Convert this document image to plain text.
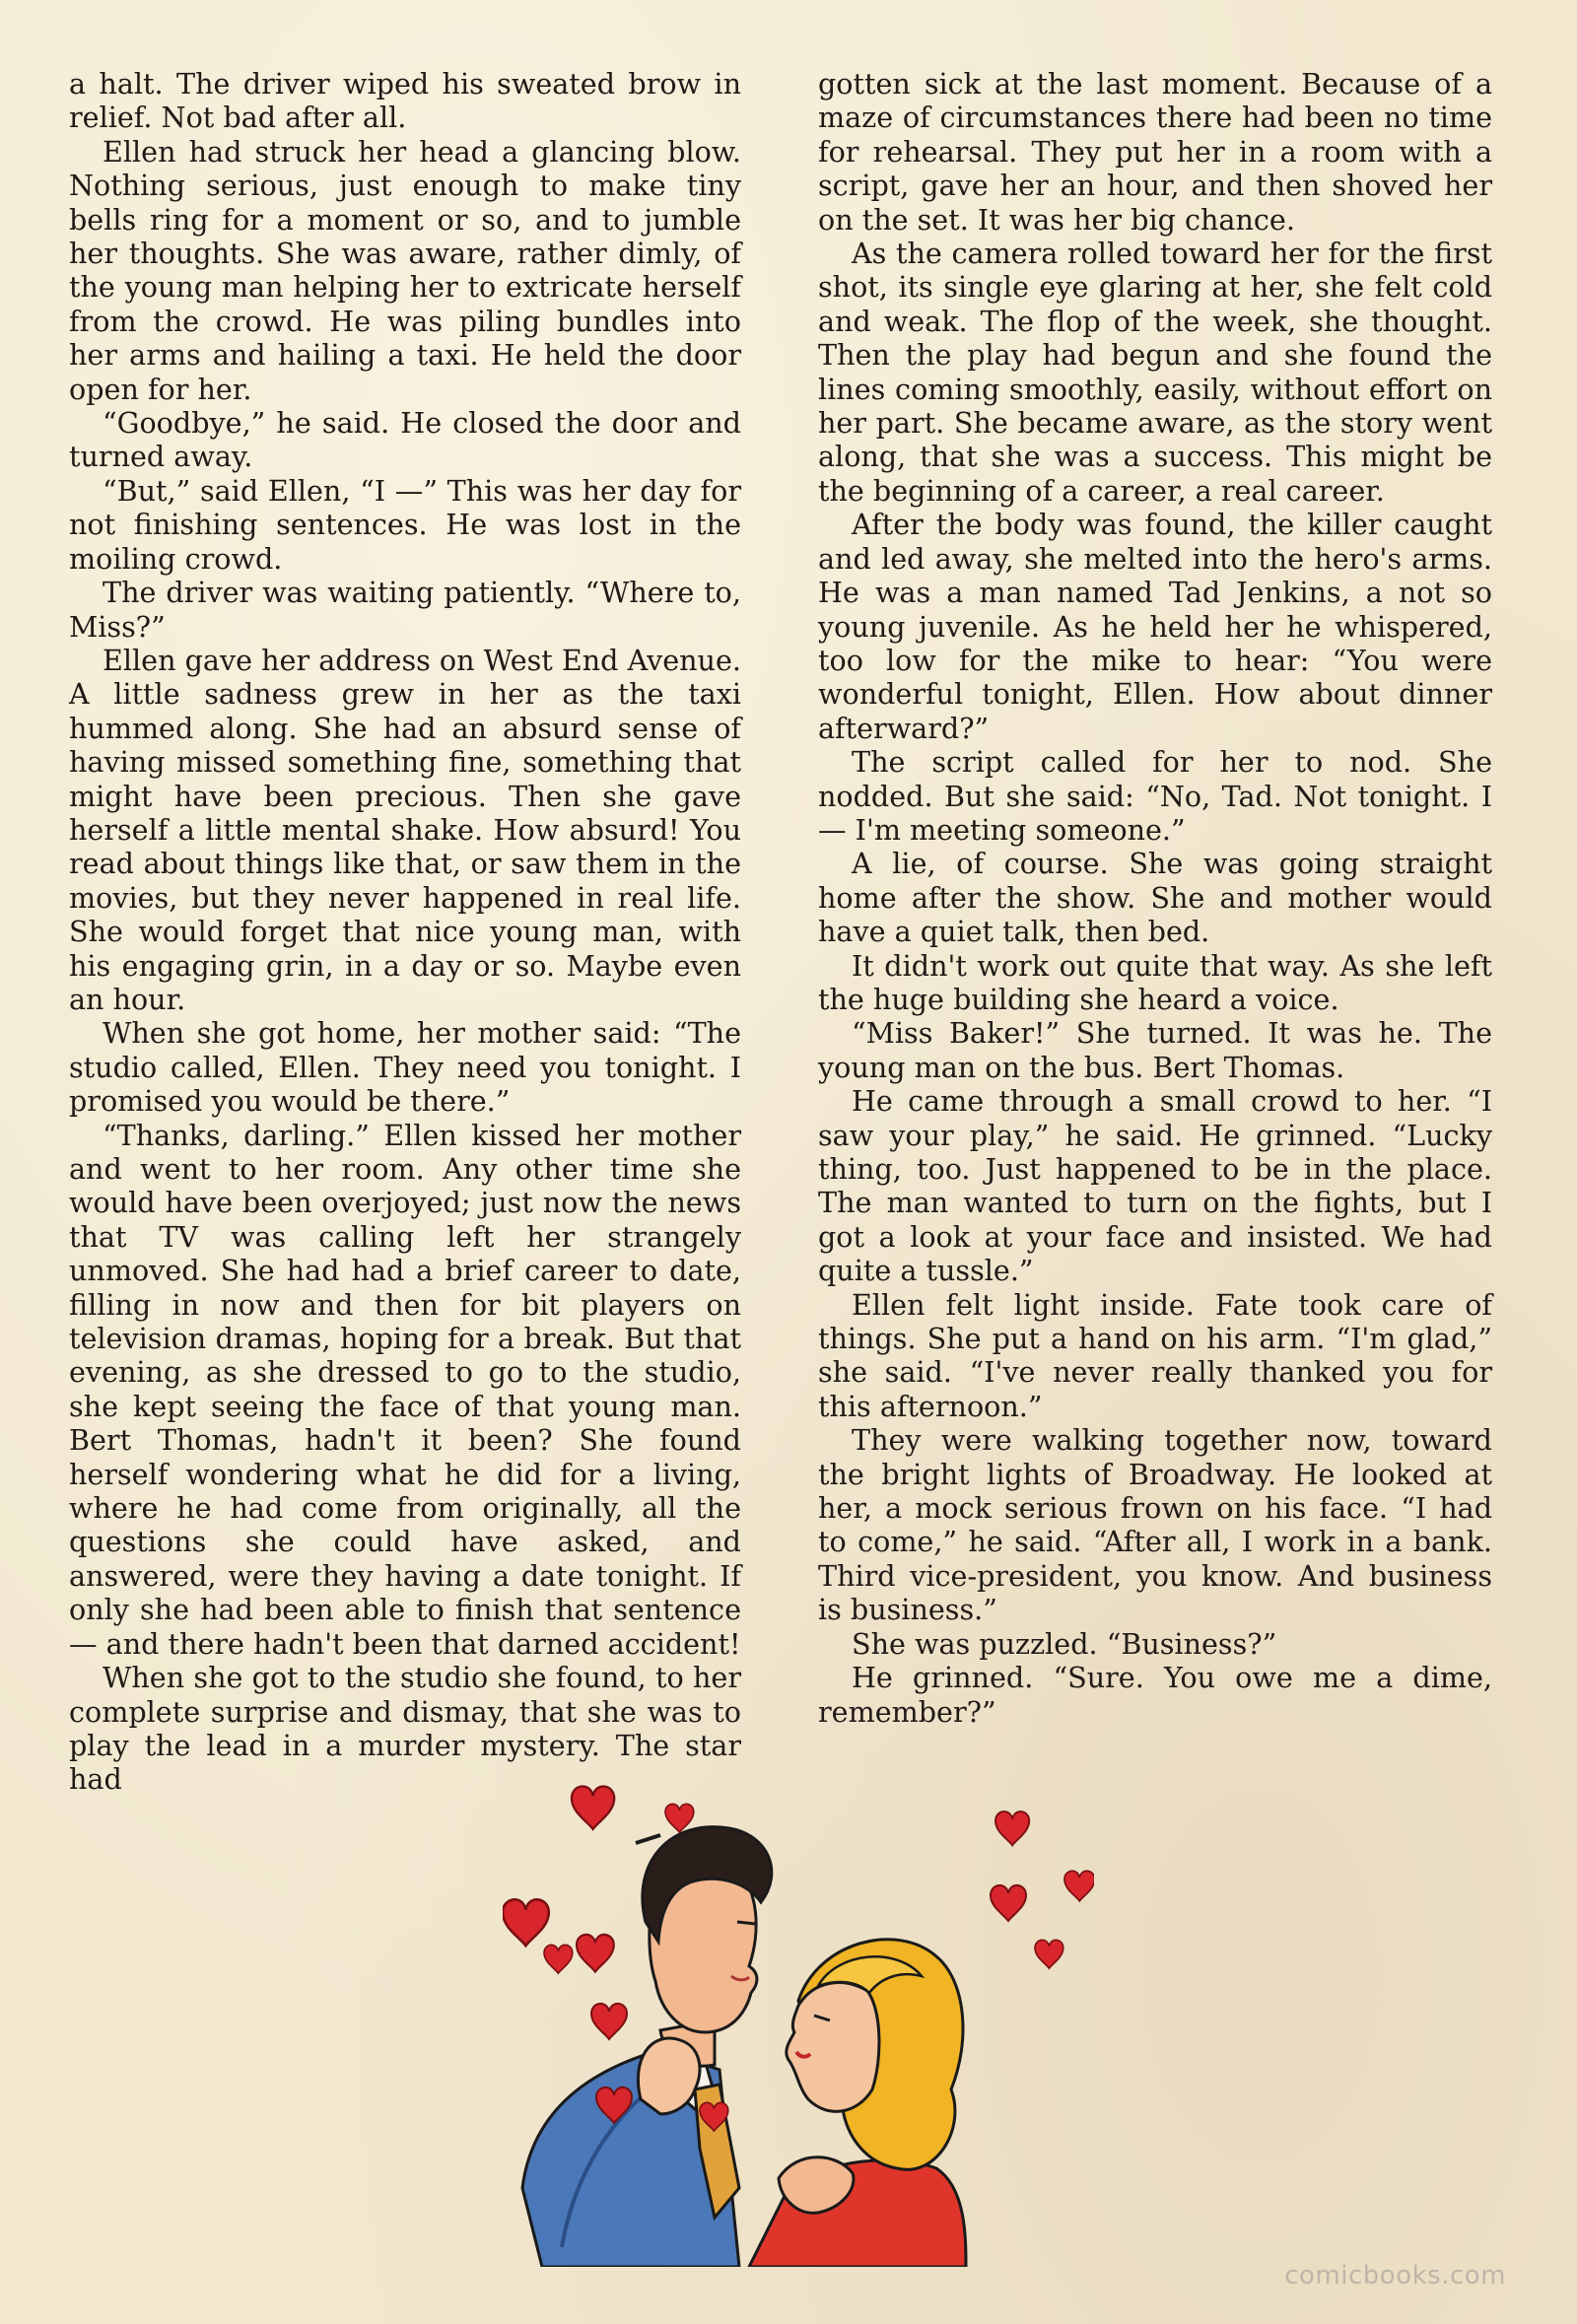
a halt. The driver wiped his sweated brow in relief. Not bad after all.

Ellen had struck her head a glancing blow. Nothing serious, just enough to make tiny bells ring for a moment or so, and to jumble her thoughts. She was aware, rather dimly, of the young man helping her to extricate herself from the crowd. He was piling bundles into her arms and hailing a taxi. He held the door open for her.

“Goodbye,” he said. He closed the door and turned away.

“But,” said Ellen, “I —” This was her day for not finishing sentences. He was lost in the moiling crowd.

The driver was waiting patiently. “Where to, Miss?”

Ellen gave her address on West End Avenue. A little sadness grew in her as the taxi hummed along. She had an absurd sense of having missed something fine, something that might have been precious. Then she gave herself a little mental shake. How absurd! You read about things like that, or saw them in the movies, but they never happened in real life. She would forget that nice young man, with his engaging grin, in a day or so. Maybe even an hour.

When she got home, her mother said: “The studio called, Ellen. They need you tonight. I promised you would be there.”

“Thanks, darling.” Ellen kissed her mother and went to her room. Any other time she would have been overjoyed; just now the news that TV was calling left her strangely unmoved. She had had a brief career to date, filling in now and then for bit players on television dramas, hoping for a break. But that evening, as she dressed to go to the studio, she kept seeing the face of that young man. Bert Thomas, hadn't it been? She found herself wondering what he did for a living, where he had come from originally, all the questions she could have asked, and answered, were they having a date tonight. If only she had been able to finish that sentence — and there hadn't been that darned accident!

When she got to the studio she found, to her complete surprise and dismay, that she was to play the lead in a murder mystery. The star had

gotten sick at the last moment. Because of a maze of circumstances there had been no time for rehearsal. They put her in a room with a script, gave her an hour, and then shoved her on the set. It was her big chance.

As the camera rolled toward her for the first shot, its single eye glaring at her, she felt cold and weak. The flop of the week, she thought. Then the play had begun and she found the lines coming smoothly, easily, without effort on her part. She became aware, as the story went along, that she was a success. This might be the beginning of a career, a real career.

After the body was found, the killer caught and led away, she melted into the hero's arms. He was a man named Tad Jenkins, a not so young juvenile. As he held her he whispered, too low for the mike to hear: “You were wonderful tonight, Ellen. How about dinner afterward?”

The script called for her to nod. She nodded. But she said: “No, Tad. Not tonight. I — I'm meeting someone.”

A lie, of course. She was going straight home after the show. She and mother would have a quiet talk, then bed.

It didn't work out quite that way. As she left the huge building she heard a voice.

“Miss Baker!” She turned. It was he. The young man on the bus. Bert Thomas.

He came through a small crowd to her. “I saw your play,” he said. He grinned. “Lucky thing, too. Just happened to be in the place. The man wanted to turn on the fights, but I got a look at your face and insisted. We had quite a tussle.”

Ellen felt light inside. Fate took care of things. She put a hand on his arm. “I'm glad,” she said. “I've never really thanked you for this afternoon.”

They were walking together now, toward the bright lights of Broadway. He looked at her, a mock serious frown on his face. “I had to come,” he said. “After all, I work in a bank. Third vice-president, you know. And business is business.”

She was puzzled. “Business?”

He grinned. “Sure. You owe me a dime, remember?”

comicbooks.com
